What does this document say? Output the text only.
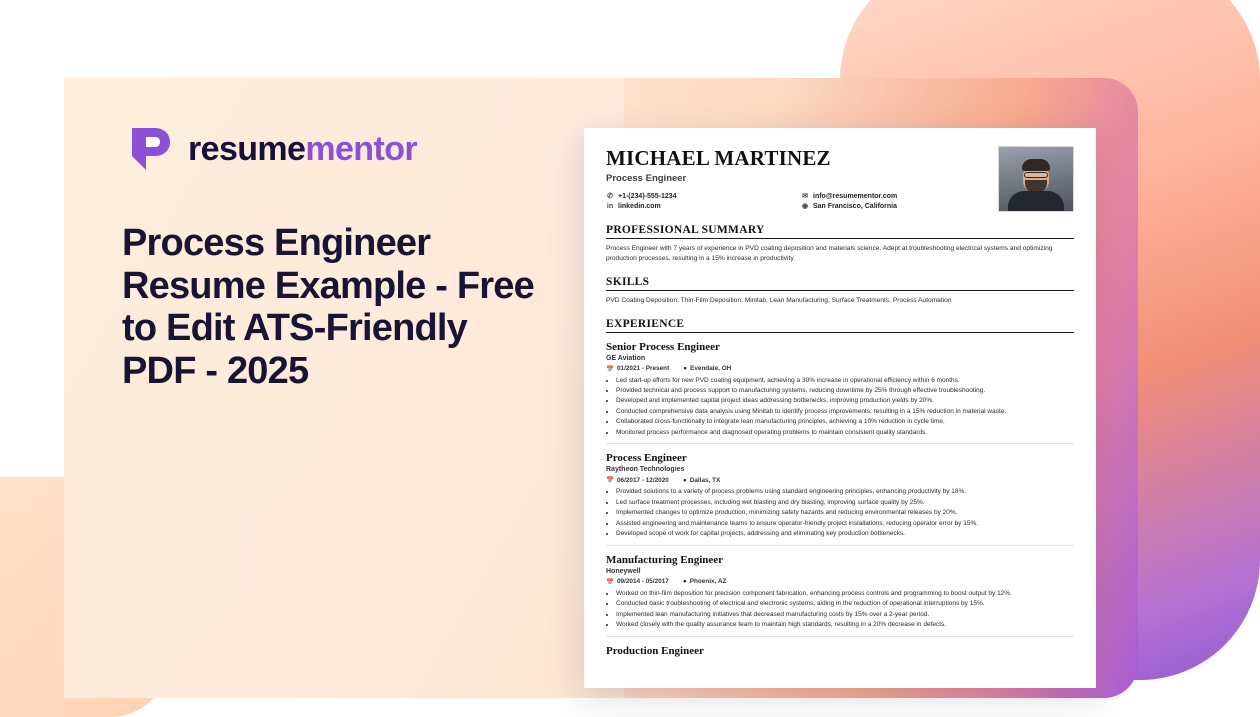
resumementor
Process Engineer Resume Example - Free to Edit ATS-Friendly PDF - 2025
MICHAEL MARTINEZ
Process Engineer
✆ +1-(234)-555-1234	✉ info@resumementor.com
in linkedin.com	◉ San Francisco, California
PROFESSIONAL SUMMARY
Process Engineer with 7 years of experience in PVD coating deposition and materials science. Adept at troubleshooting electrical systems and optimizing production processes, resulting in a 15% increase in productivity.
SKILLS
PVD Coating Deposition, Thin-Film Deposition, Minitab, Lean Manufacturing, Surface Treatments, Process Automation
EXPERIENCE
Senior Process Engineer
GE Aviation
📅 01/2021 - Present ● Evendale, OH
• Led start-up efforts for new PVD coating equipment, achieving a 30% increase in operational efficiency within 6 months.
• Provided technical and process support to manufacturing systems, reducing downtime by 25% through effective troubleshooting.
• Developed and implemented capital project ideas addressing bottlenecks, improving production yields by 20%.
• Conducted comprehensive data analysis using Minitab to identify process improvements, resulting in a 15% reduction in material waste.
• Collaborated cross-functionally to integrate lean manufacturing principles, achieving a 10% reduction in cycle time.
• Monitored process performance and diagnosed operating problems to maintain consistent quality standards.
Process Engineer
Raytheon Technologies
📅 06/2017 - 12/2020 ● Dallas, TX
• Provided solutions to a variety of process problems using standard engineering principles, enhancing productivity by 18%.
• Led surface treatment processes, including wet blasting and dry blasting, improving surface quality by 25%.
• Implemented changes to optimize production, minimizing safety hazards and reducing environmental releases by 20%.
• Assisted engineering and maintenance teams to ensure operator-friendly project installations, reducing operator error by 15%.
• Developed scope of work for capital projects, addressing and eliminating key production bottlenecks.
Manufacturing Engineer
Honeywell
📅 09/2014 - 05/2017 ● Phoenix, AZ
• Worked on thin-film deposition for precision component fabrication, enhancing process controls and programming to boost output by 12%.
• Conducted basic troubleshooting of electrical and electronic systems, aiding in the reduction of operational interruptions by 15%.
• Implemented lean manufacturing initiatives that decreased manufacturing costs by 15% over a 2-year period.
• Worked closely with the quality assurance team to maintain high standards, resulting in a 20% decrease in defects.
Production Engineer
